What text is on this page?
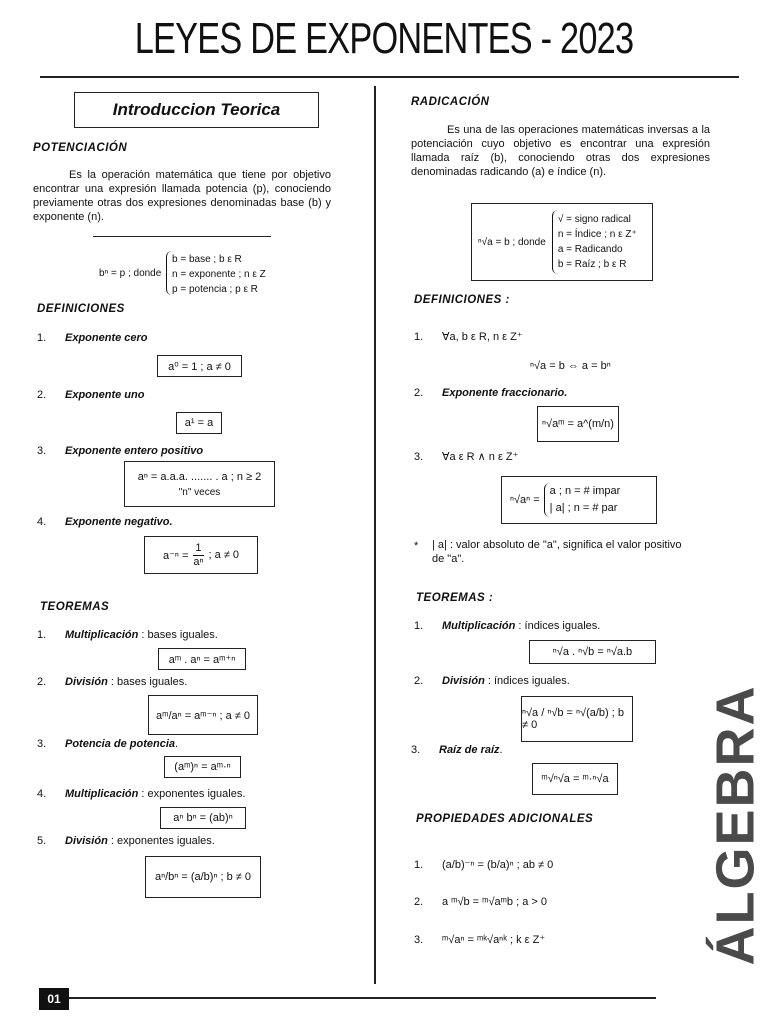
LEYES DE EXPONENTES - 2023
Introduccion Teorica
POTENCIACIÓN
Es la operación matemática que tiene por objetivo encontrar una expresión llamada potencia (p), conociendo previamente otras dos expresiones denominadas base (b) y exponente (n).
bⁿ = p ; donde
b = base ; b ε R
n = exponente ; n ε Z
p = potencia ; p ε R
DEFINICIONES
1. Exponente cero
a⁰ = 1 ; a ≠ 0
2. Exponente uno
a¹ = a
3. Exponente entero positivo
aⁿ = a.a.a. ....... . a ; n ≥ 2
"n" veces
4. Exponente negativo.
$a^{-n} = \frac{1}{\text{aⁿ}}$ ; a ≠ 0
TEOREMAS
1. Multiplicación : bases iguales.
aᵐ . aⁿ = aᵐ⁺ⁿ
2. División : bases iguales.
aᵐ/aⁿ = aᵐ⁻ⁿ ; a ≠ 0
3. Potencia de potencia.
(aᵐ)ⁿ = aᵐ·ⁿ
4. Multiplicación : exponentes iguales.
aⁿ bⁿ = (ab)ⁿ
5. División : exponentes iguales.
aⁿ/bⁿ = (a/b)ⁿ ; b ≠ 0
RADICACIÓN
Es una de las operaciones matemáticas inversas a la potenciación cuyo objetivo es encontrar una expresión llamada raíz (b), conociendo otras dos expresiones denominadas radicando (a) e índice (n).
ⁿ√a = b ; donde
√ = signo radical
n = Índice ; n ε Z⁺
a = Radicando
b = Raíz ; b ε R
DEFINICIONES :
1. ∀a, b ε R, n ε Z⁺
ⁿ√a = b ⇔ a = bⁿ
2. Exponente fraccionario.
ⁿ√aᵐ = a^(m/n)
3. ∀a ε R ∧ n ε Z⁺
ⁿ√aⁿ =
a ; n = # impar
| a| ; n = # par
* | a| : valor absoluto de "a", significa el valor positivo de "a".
TEOREMAS :
1. Multiplicación : índices iguales.
ⁿ√a . ⁿ√b = ⁿ√a.b
2. División : índices iguales.
ⁿ√a / ⁿ√b = ⁿ√(a/b) ; b ≠ 0
3. Raíz de raíz.
ᵐ√ⁿ√a = ᵐ·ⁿ√a
PROPIEDADES ADICIONALES
1. (a/b)⁻ⁿ = (b/a)ⁿ ; ab ≠ 0
2. a ᵐ√b = ᵐ√aᵐb ; a > 0
3. ᵐ√aⁿ = ᵐᵏ√aⁿᵏ ; k ε Z⁺	ÁLGEBRA
01
